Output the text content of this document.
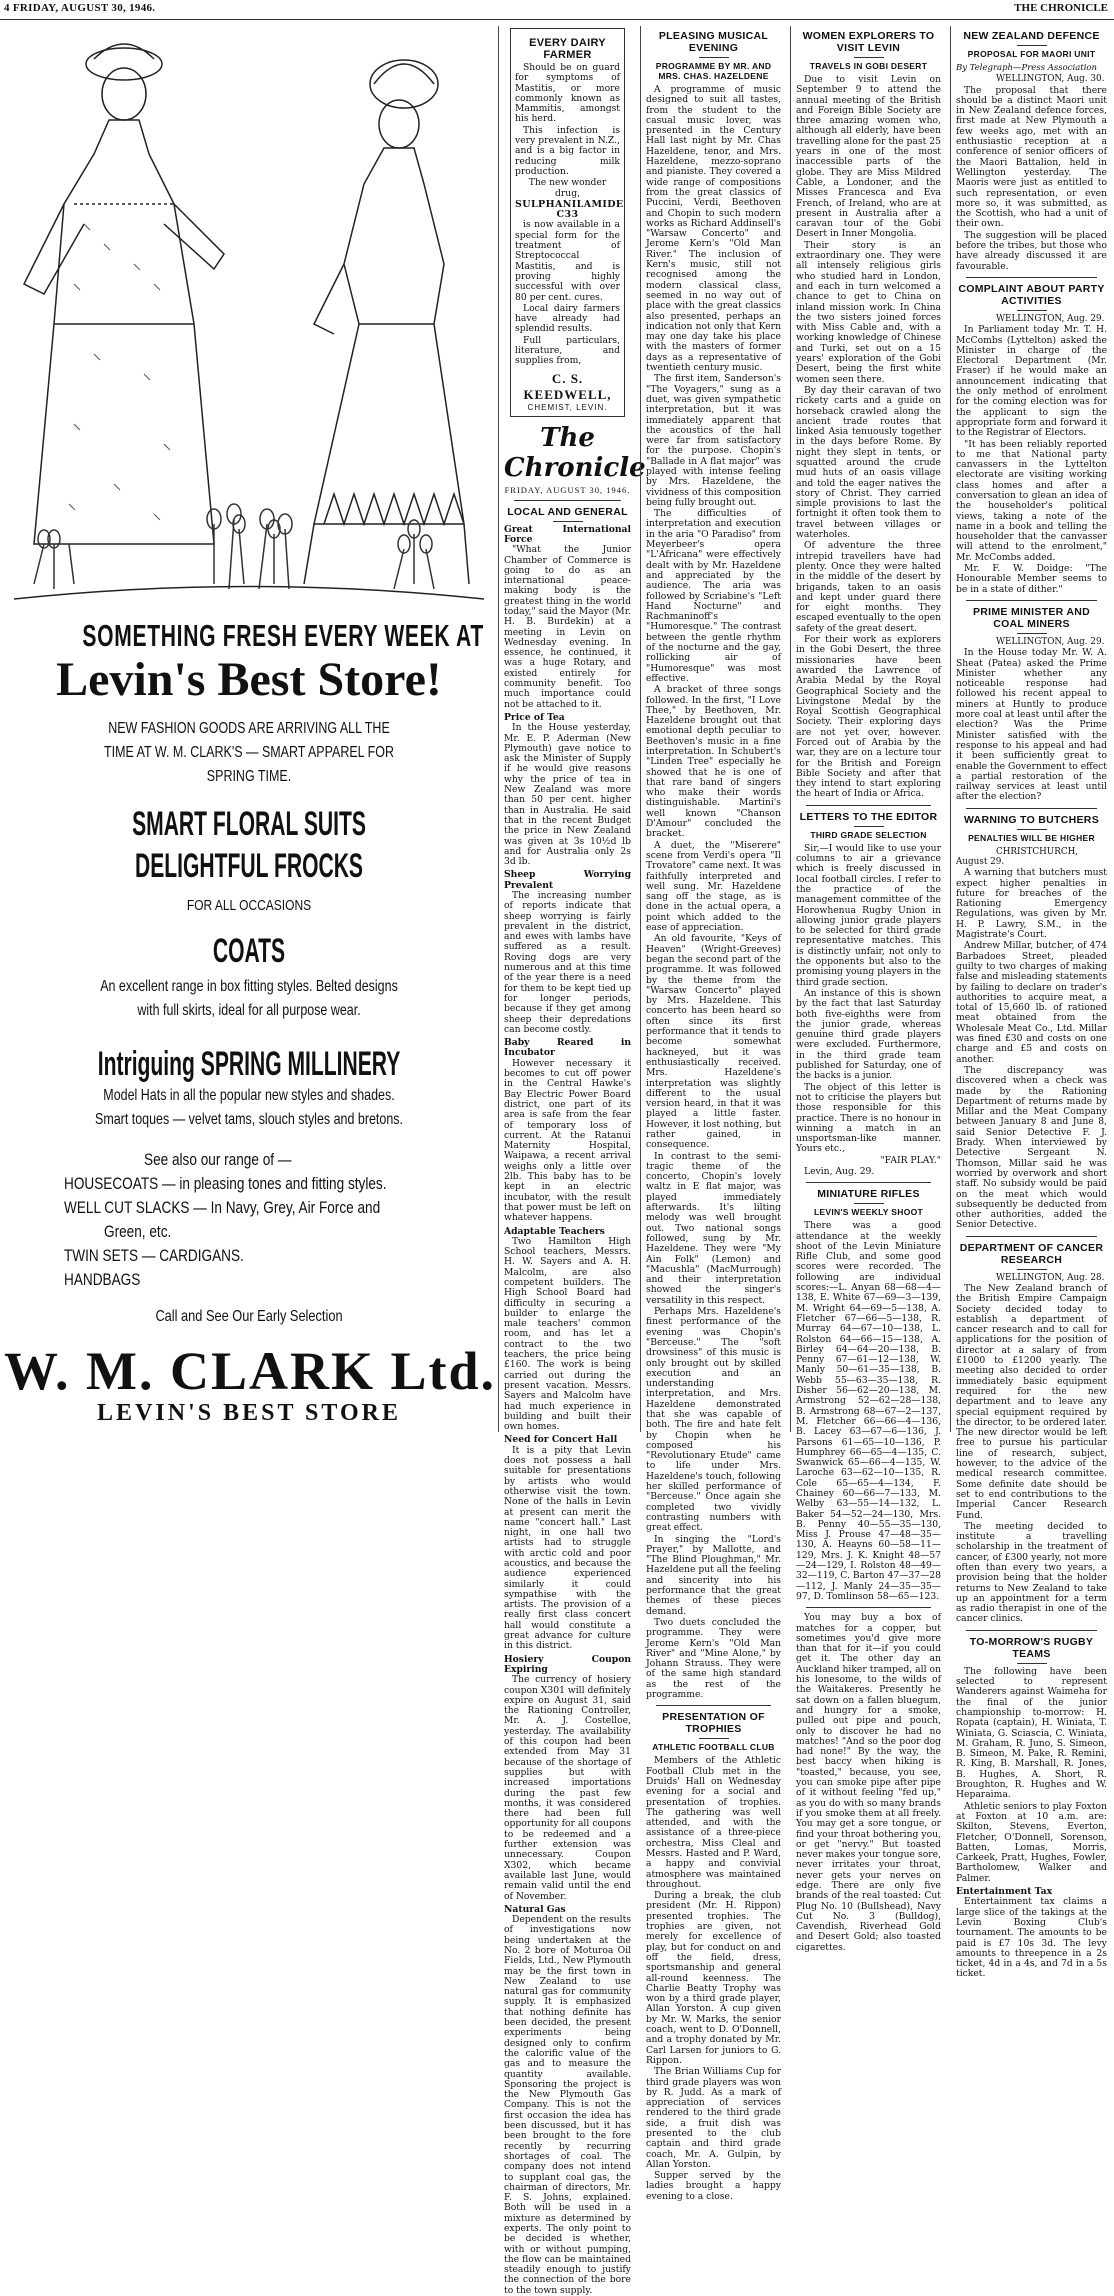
4 FRIDAY, AUGUST 30, 1946.	THE CHRONICLE
SOMETHING FRESH EVERY WEEK AT
Levin's Best Store!
NEW FASHION GOODS ARE ARRIVING ALL THE
TIME AT W. M. CLARK'S — SMART APPAREL FOR
SPRING TIME.
SMART FLORAL SUITS
DELIGHTFUL FROCKS
FOR ALL OCCASIONS
COATS
An excellent range in box fitting styles. Belted designs
with full skirts, ideal for all purpose wear.
Intriguing SPRING MILLINERY
Model Hats in all the popular new styles and shades.
Smart toques — velvet tams, slouch styles and bretons.
See also our range of —
HOUSECOATS — in pleasing tones and fitting styles.
WELL CUT SLACKS — In Navy, Grey, Air Force and
Green, etc.
TWIN SETS — CARDIGANS.
HANDBAGS
Call and See Our Early Selection
W. M. CLARK Ltd.
LEVIN'S BEST STORE
EVERY DAIRY FARMER

Should be on guard for symptoms of Mastitis, or more commonly known as Mammitis, amongst his herd.

This infection is very prevalent in N.Z., and is a big factor in reducing milk production.

The new wonder drug,

SULPHANILAMIDE C33

is now available in a special form for the treatment of Streptococcal Mastitis, and is proving highly successful with over 80 per cent. cures.

Local dairy farmers have already had splendid results.

Full particulars, literature, and supplies from,

C. S. KEEDWELL,
CHEMIST, LEVIN.
The Chronicle
FRIDAY, AUGUST 30, 1946.
LOCAL AND GENERAL
Great International Force

"What the Junior Chamber of Commerce is going to do as an international peace-making body is the greatest thing in the world today," said the Mayor (Mr. H. B. Burdekin) at a meeting in Levin on Wednesday evening. In essence, he continued, it was a huge Rotary, and existed entirely for community benefit. Too much importance could not be attached to it.

Price of Tea

In the House yesterday, Mr. E. P. Aderman (New Plymouth) gave notice to ask the Minister of Supply if he would give reasons why the price of tea in New Zealand was more than 50 per cent. higher than in Australia. He said that in the recent Budget the price in New Zealand was given at 3s 10½d lb and for Australia only 2s 3d lb.

Sheep Worrying Prevalent

The increasing number of reports indicate that sheep worrying is fairly prevalent in the district, and ewes with lambs have suffered as a result. Roving dogs are very numerous and at this time of the year there is a need for them to be kept tied up for longer periods, because if they get among sheep their depredations can become costly.

Baby Reared in Incubator

However necessary it becomes to cut off power in the Central Hawke's Bay Electric Power Board district, one part of its area is safe from the fear of temporary loss of current. At the Ratanui Maternity Hospital, Waipawa, a recent arrival weighs only a little over 2lb. This baby has to be kept in an electric incubator, with the result that power must be left on whatever happens.

Adaptable Teachers

Two Hamilton High School teachers, Messrs. H. W. Sayers and A. H. Malcolm, are also competent builders. The High School Board had difficulty in securing a builder to enlarge the male teachers' common room, and has let a contract to the two teachers, the price being £160. The work is being carried out during the present vacation. Messrs. Sayers and Malcolm have had much experience in building and built their own homes.

Need for Concert Hall

It is a pity that Levin does not possess a hall suitable for presentations by artists who would otherwise visit the town. None of the halls in Levin at present can merit the name "concert hall." Last night, in one hall two artists had to struggle with arctic cold and poor acoustics, and because the audience experienced similarly it could sympathise with the artists. The provision of a really first class concert hall would constitute a great advance for culture in this district.

Hosiery Coupon Expiring

The currency of hosiery coupon X301 will definitely expire on August 31, said the Rationing Controller, Mr. A. J. Costelloe, yesterday. The availability of this coupon had been extended from May 31 because of the shortage of supplies but with increased importations during the past few months, it was considered there had been full opportunity for all coupons to be redeemed and a further extension was unnecessary. Coupon X302, which became available last June, would remain valid until the end of November.

Natural Gas

Dependent on the results of investigations now being undertaken at the No. 2 bore of Moturoa Oil Fields, Ltd., New Plymouth may be the first town in New Zealand to use natural gas for community supply. It is emphasized that nothing definite has been decided, the present experiments being designed only to confirm the calorific value of the gas and to measure the quantity available. Sponsoring the project is the New Plymouth Gas Company. This is not the first occasion the idea has been discussed, but it has been brought to the fore recently by recurring shortages of coal. The company does not intend to supplant coal gas, the chairman of directors, Mr. F. S. Johns, explained. Both will be used in a mixture as determined by experts. The only point to be decided is whether, with or without pumping, the flow can be maintained steadily enough to justify the connection of the bore to the town supply.

PLEASING MUSICAL EVENING
PROGRAMME BY MR. AND MRS. CHAS. HAZELDENE

A programme of music designed to suit all tastes, from the student to the casual music lover, was presented in the Century Hall last night by Mr. Chas Hazeldene, tenor, and Mrs. Hazeldene, mezzo-soprano and pianiste. They covered a wide range of compositions from the great classics of Puccini, Verdi, Beethoven and Chopin to such modern works as Richard Addinsell's "Warsaw Concerto" and Jerome Kern's "Old Man River." The inclusion of Kern's music, still not recognised among the modern classical class, seemed in no way out of place with the great classics also presented, perhaps an indication not only that Kern may one day take his place with the masters of former days as a representative of twentieth century music.

The first item, Sanderson's "The Voyagers," sung as a duet, was given sympathetic interpretation, but it was immediately apparent that the acoustics of the hall were far from satisfactory for the purpose. Chopin's "Ballade in A flat major" was played with intense feeling by Mrs. Hazeldene, the vividness of this composition being fully brought out.

The difficulties of interpretation and execution in the aria "O Paradiso" from Meyerbeer's opera "L'Africana" were effectively dealt with by Mr. Hazeldene and appreciated by the audience. The aria was followed by Scriabine's "Left Hand Nocturne" and Rachmaninoff's "Humoresque." The contrast between the gentle rhythm of the nocturne and the gay, rollicking air of "Humoresque" was most effective.

A bracket of three songs followed. In the first, "I Love Thee," by Beethoven, Mr. Hazeldene brought out that emotional depth peculiar to Beethoven's music in a fine interpretation. In Schubert's "Linden Tree" especially he showed that he is one of that rare band of singers who make their words distinguishable. Martini's well known "Chanson D'Amour" concluded the bracket.

A duet, the "Miserere" scene from Verdi's opera "Il Trovatore" came next. It was faithfully interpreted and well sung. Mr. Hazeldene sang off the stage, as is done in the actual opera, a point which added to the ease of appreciation.

An old favourite, "Keys of Heaven" (Wright-Greeves) began the second part of the programme. It was followed by the theme from the "Warsaw Concerto" played by Mrs. Hazeldene. This concerto has been heard so often since its first performance that it tends to become somewhat hackneyed, but it was enthusiastically received. Mrs. Hazeldene's interpretation was slightly different to the usual version heard, in that it was played a little faster. However, it lost nothing, but rather gained, in consequence.

In contrast to the semi-tragic theme of the concerto, Chopin's lovely waltz in E flat major, was played immediately afterwards. It's lilting melody was well brought out. Two national songs followed, sung by Mr. Hazeldene. They were "My Ain Folk" (Lemon) and "Macushla" (MacMurrough) and their interpretation showed the singer's versatility in this respect.

Perhaps Mrs. Hazeldene's finest performance of the evening was Chopin's "Berceuse." The "soft drowsiness" of this music is only brought out by skilled execution and an understanding interpretation, and Mrs. Hazeldene demonstrated that she was capable of both. The fire and hate felt by Chopin when he composed his "Revolutionary Etude" came to life under Mrs. Hazeldene's touch, following her skilled performance of "Berceuse." Once again she completed two vividly contrasting numbers with great effect.

In singing the "Lord's Prayer," by Mallotte, and "The Blind Ploughman," Mr. Hazeldene put all the feeling and sincerity into his performance that the great themes of these pieces demand.

Two duets concluded the programme. They were Jerome Kern's "Old Man River" and "Mine Alone," by Johann Strauss. They were of the same high standard as the rest of the programme.

PRESENTATION OF TROPHIES
ATHLETIC FOOTBALL CLUB

Members of the Athletic Football Club met in the Druids' Hall on Wednesday evening for a social and presentation of trophies. The gathering was well attended, and with the assistance of a three-piece orchestra, Miss Cleal and Messrs. Hasted and P. Ward, a happy and convivial atmosphere was maintained throughout.

During a break, the club president (Mr. H. Rippon) presented trophies. The trophies are given, not merely for excellence of play, but for conduct on and off the field, dress, sportsmanship and general all-round keenness. The Charlie Beatty Trophy was won by a third grade player, Allan Yorston. A cup given by Mr. W. Marks, the senior coach, went to D. O'Donnell, and a trophy donated by Mr. Carl Larsen for juniors to G. Rippon.

The Brian Williams Cup for third grade players was won by R. Judd. As a mark of appreciation of services rendered to the third grade side, a fruit dish was presented to the club captain and third grade coach, Mr. A. Gulpin, by Allan Yorston.

Supper served by the ladies brought a happy evening to a close.

WOMEN EXPLORERS TO VISIT LEVIN
TRAVELS IN GOBI DESERT

Due to visit Levin on September 9 to attend the annual meeting of the British and Foreign Bible Society are three amazing women who, although all elderly, have been travelling alone for the past 25 years in one of the most inaccessible parts of the globe. They are Miss Mildred Cable, a Londoner, and the Misses Francesca and Eva French, of Ireland, who are at present in Australia after a caravan tour of the Gobi Desert in Inner Mongolia.

Their story is an extraordinary one. They were all intensely religious girls who studied hard in London, and each in turn welcomed a chance to get to China on inland mission work. In China the two sisters joined forces with Miss Cable and, with a working knowledge of Chinese and Turki, set out on a 15 years' exploration of the Gobi Desert, being the first white women seen there.

By day their caravan of two rickety carts and a guide on horseback crawled along the ancient trade routes that linked Asia tenuously together in the days before Rome. By night they slept in tents, or squatted around the crude mud huts of an oasis village and told the eager natives the story of Christ. They carried simple provisions to last the fortnight it often took them to travel between villages or waterholes.

Of adventure the three intrepid travellers have had plenty. Once they were halted in the middle of the desert by brigands, taken to an oasis and kept under guard there for eight months. They escaped eventually to the open safety of the great desert.

For their work as explorers in the Gobi Desert, the three missionaries have been awarded the Lawrence of Arabia Medal by the Royal Geographical Society and the Livingstone Medal by the Royal Scottish Geographical Society. Their exploring days are not yet over, however. Forced out of Arabia by the war, they are on a lecture tour for the British and Foreign Bible Society and after that they intend to start exploring the heart of India or Africa.

LETTERS TO THE EDITOR
THIRD GRADE SELECTION

Sir,—I would like to use your columns to air a grievance which is freely discussed in local football circles. I refer to the practice of the management committee of the Horowhenua Rugby Union in allowing junior grade players to be selected for third grade representative matches. This is distinctly unfair, not only to the opponents but also to the promising young players in the third grade section.

An instance of this is shown by the fact that last Saturday both five-eighths were from the junior grade, whereas genuine third grade players were excluded. Furthermore, in the third grade team published for Saturday, one of the backs is a junior.

The object of this letter is not to criticise the players but those responsible for this practice. There is no honour in winning a match in an unsportsman-like manner. Yours etc.,

"FAIR PLAY."

Levin, Aug. 29.

MINIATURE RIFLES
LEVIN'S WEEKLY SHOOT

There was a good attendance at the weekly shoot of the Levin Miniature Rifle Club, and some good scores were recorded. The following are individual scores:—L. Anyan 68—68—4—138, E. White 67—69—3—139, M. Wright 64—69—5—138, A. Fletcher 67—66—5—138, R. Murray 64—67—10—138, L. Rolston 64—66—15—138, A. Birley 64—64—20—138, B. Penny 67—61—12—138, W. Manly 50—61—35—138, B. Webb 55—63—35—138, R. Disher 56—62—20—138, M. Armstrong 52—62—28—138, B. Armstrong 68—67—2—137, M. Fletcher 66—66—4—136, B. Lacey 63—67—6—136, J. Parsons 61—65—10—136, P. Humphrey 66—65—4—135, C. Swanwick 65—66—4—135, W. Laroche 63—62—10—135, R. Cole 65—65—4—134, F. Chainey 60—66—7—133, M. Welby 63—55—14—132, L. Baker 54—52—24—130, Mrs. B. Penny 40—55—35—130, Miss J. Prouse 47—48—35—130, A. Heayns 60—58—11—129, Mrs. J. K. Knight 48—57—24—129, I. Rolston 48—49—32—119, C. Barton 47—37—28—112, J. Manly 24—35—35—97, D. Tomlinson 58—65—123.

You may buy a box of matches for a copper, but sometimes you'd give more than that for it—if you could get it. The other day an Auckland hiker tramped, all on his lonesome, to the wilds of the Waitakeres. Presently he sat down on a fallen bluegum, and hungry for a smoke, pulled out pipe and pouch, only to discover he had no matches! "And so the poor dog had none!" By the way, the best baccy when hiking is "toasted," because, you see, you can smoke pipe after pipe of it without feeling "fed up," as you do with so many brands if you smoke them at all freely. You may get a sore tongue, or find your throat bothering you, or get "nervy." But toasted never makes your tongue sore, never irritates your throat, never gets your nerves on edge. There are only five brands of the real toasted: Cut Plug No. 10 (Bullshead), Navy Cut No. 3 (Bulldog), Cavendish, Riverhead Gold and Desert Gold; also toasted cigarettes.

NEW ZEALAND DEFENCE
PROPOSAL FOR MAORI UNIT

By Telegraph—Press Association

WELLINGTON, Aug. 30.

The proposal that there should be a distinct Maori unit in New Zealand defence forces, first made at New Plymouth a few weeks ago, met with an enthusiastic reception at a conference of senior officers of the Maori Battalion, held in Wellington yesterday. The Maoris were just as entitled to such representation, or even more so, it was submitted, as the Scottish, who had a unit of their own.

The suggestion will be placed before the tribes, but those who have already discussed it are favourable.

COMPLAINT ABOUT PARTY ACTIVITIES

WELLINGTON, Aug. 29.

In Parliament today Mr. T. H. McCombs (Lyttelton) asked the Minister in charge of the Electoral Department (Mr. Fraser) if he would make an announcement indicating that the only method of enrolment for the coming election was for the applicant to sign the appropriate form and forward it to the Registrar of Electors.

"It has been reliably reported to me that National party canvassers in the Lyttelton electorate are visiting working class homes and after a conversation to glean an idea of the householder's political views, taking a note of the name in a book and telling the householder that the canvasser will attend to the enrolment," Mr. McCombs added.

Mr. F. W. Doidge: "The Honourable Member seems to be in a state of dither."

PRIME MINISTER AND COAL MINERS

WELLINGTON, Aug. 29.

In the House today Mr. W. A. Sheat (Patea) asked the Prime Minister whether any noticeable response had followed his recent appeal to miners at Huntly to produce more coal at least until after the election? Was the Prime Minister satisfied with the response to his appeal and had it been sufficiently great to enable the Government to effect a partial restoration of the railway services at least until after the election?

WARNING TO BUTCHERS
PENALTIES WILL BE HIGHER

CHRISTCHURCH, August 29.

A warning that butchers must expect higher penalties in future for breaches of the Rationing Emergency Regulations, was given by Mr. H. P. Lawry, S.M., in the Magistrate's Court.

Andrew Millar, butcher, of 474 Barbadoes Street, pleaded guilty to two charges of making false and misleading statements by failing to declare on trader's authorities to acquire meat, a total of 15,660 lb. of rationed meat obtained from the Wholesale Meat Co., Ltd. Millar was fined £30 and costs on one charge and £5 and costs on another.

The discrepancy was discovered when a check was made by the Rationing Department of returns made by Millar and the Meat Company between January 8 and June 8, said Senior Detective F. J. Brady. When interviewed by Detective Sergeant N. Thomson, Millar said he was worried by overwork and short staff. No subsidy would be paid on the meat which would subsequently be deducted from other authorities, added the Senior Detective.

DEPARTMENT OF CANCER RESEARCH

WELLINGTON, Aug. 28.

The New Zealand branch of the British Empire Campaign Society decided today to establish a department of cancer research and to call for applications for the position of director at a salary of from £1000 to £1200 yearly. The meeting also decided to order immediately basic equipment required for the new department and to leave any special equipment required by the director, to be ordered later. The new director would be left free to pursue his particular line of research, subject, however, to the advice of the medical research committee. Some definite date should be set to end contributions to the Imperial Cancer Research Fund.

The meeting decided to institute a travelling scholarship in the treatment of cancer, of £300 yearly, not more often than every two years, a provision being that the holder returns to New Zealand to take up an appointment for a term as radio therapist in one of the cancer clinics.

TO-MORROW'S RUGBY TEAMS

The following have been selected to represent Wanderers against Waimeha for the final of the junior championship to-morrow: H. Ropata (captain), H. Winiata, T. Winiata, G. Sciascia, C. Winiata, M. Graham, R. Juno, S. Simeon, B. Simeon, M. Pake, R. Remini, R. King, B. Marshall, R. Jones, B. Hughes, A. Short, R. Broughton, R. Hughes and W. Heparaima.

Athletic seniors to play Foxton at Foxton at 10 a.m. are: Skilton, Stevens, Everton, Fletcher, O'Donnell, Sorenson, Batten, Lomas, Morris, Carkeek, Pratt, Hughes, Fowler, Bartholomew, Walker and Palmer.

Entertainment Tax

Entertainment tax claims a large slice of the takings at the Levin Boxing Club's tournament. The amounts to be paid is £7 10s 3d. The levy amounts to threepence in a 2s ticket, 4d in a 4s, and 7d in a 5s ticket.
